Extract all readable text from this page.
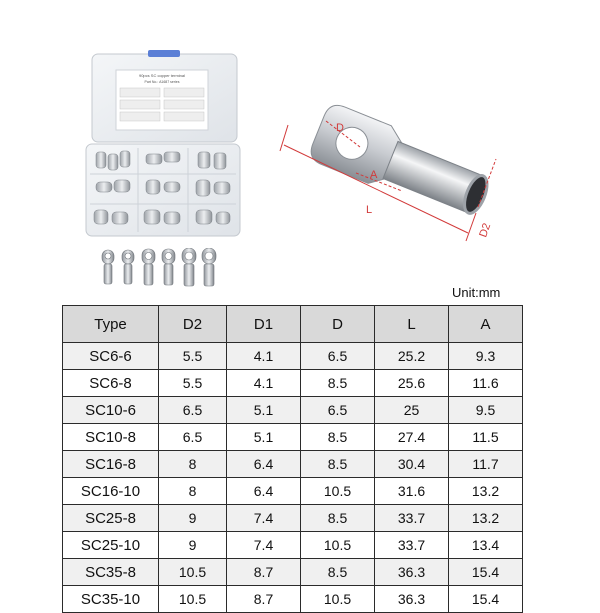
90pcs SC copper terminal
Part No.: A1687 series
D
A
L
D2
Unit:mm
Type	D2	D1	D	L	A
SC6-6	5.5	4.1	6.5	25.2	9.3
SC6-8	5.5	4.1	8.5	25.6	11.6
SC10-6	6.5	5.1	6.5	25	9.5
SC10-8	6.5	5.1	8.5	27.4	11.5
SC16-8	8	6.4	8.5	30.4	11.7
SC16-10	8	6.4	10.5	31.6	13.2
SC25-8	9	7.4	8.5	33.7	13.2
SC25-10	9	7.4	10.5	33.7	13.4
SC35-8	10.5	8.7	8.5	36.3	15.4
SC35-10	10.5	8.7	10.5	36.3	15.4
